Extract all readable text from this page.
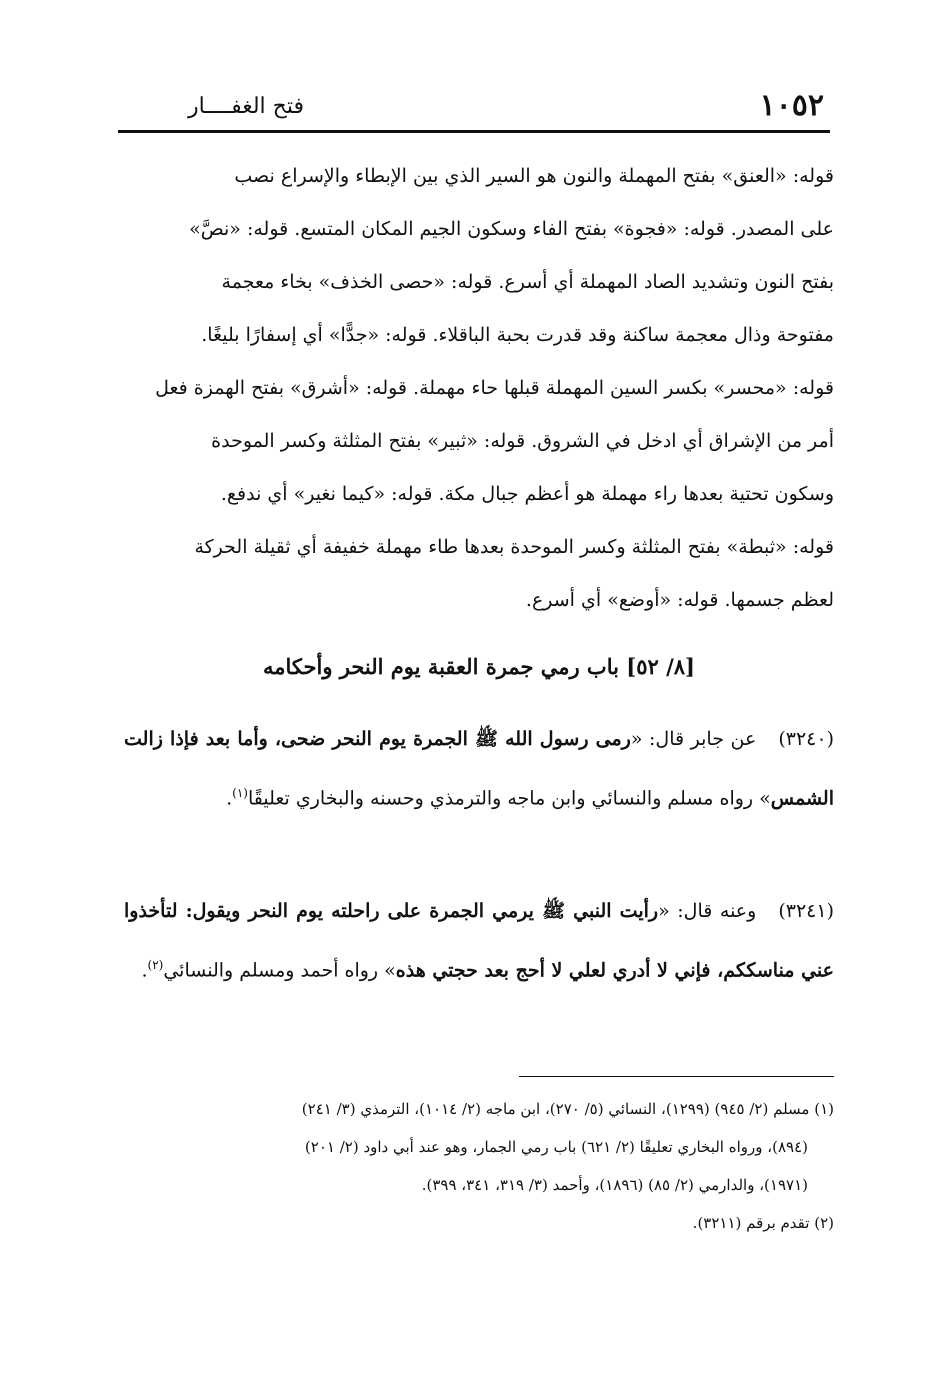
١٠٥٢
فتح الغفــــار

قوله: «العنق» بفتح المهملة والنون هو السير الذي بين الإبطاء والإسراع نصب

على المصدر. قوله: «فجوة» بفتح الفاء وسكون الجيم المكان المتسع. قوله: «نصَّ»

بفتح النون وتشديد الصاد المهملة أي أسرع. قوله: «حصى الخذف» بخاء معجمة

مفتوحة وذال معجمة ساكنة وقد قدرت بحبة الباقلاء. قوله: «جدًّا» أي إسفارًا بليغًا.

قوله: «محسر» بكسر السين المهملة قبلها حاء مهملة. قوله: «أشرق» بفتح الهمزة فعل

أمر من الإشراق أي ادخل في الشروق. قوله: «ثبير» بفتح المثلثة وكسر الموحدة

وسكون تحتية بعدها راء مهملة هو أعظم جبال مكة. قوله: «كيما نغير» أي ندفع.

قوله: «ثبطة» بفتح المثلثة وكسر الموحدة بعدها طاء مهملة خفيفة أي ثقيلة الحركة

لعظم جسمها. قوله: «أوضع» أي أسرع.

[٨/ ٥٢] باب رمي جمرة العقبة يوم النحر وأحكامه
(٣٢٤٠)عن جابر قال: «رمى رسول الله ﷺ الجمرة يوم النحر ضحى، وأما بعد فإذا زالت الشمس» رواه مسلم والنسائي وابن ماجه والترمذي وحسنه والبخاري تعليقًا$^{(١)}$.
(٣٢٤١)وعنه قال: «رأيت النبي ﷺ يرمي الجمرة على راحلته يوم النحر ويقول: لتأخذوا عني مناسككم، فإني لا أدري لعلي لا أحج بعد حجتي هذه» رواه أحمد ومسلم والنسائي$^{(٢)}$.

(١) مسلم (٢/ ٩٤٥) (١٢٩٩)، النسائي (٥/ ٢٧٠)، ابن ماجه (٢/ ١٠١٤)، الترمذي (٣/ ٢٤١)

(٨٩٤)، ورواه البخاري تعليقًا (٢/ ٦٢١) باب رمي الجمار، وهو عند أبي داود (٢/ ٢٠١)

(١٩٧١)، والدارمي (٢/ ٨٥) (١٨٩٦)، وأحمد (٣/ ٣١٩، ٣٤١، ٣٩٩).

(٢) تقدم برقم (٣٢١١).
